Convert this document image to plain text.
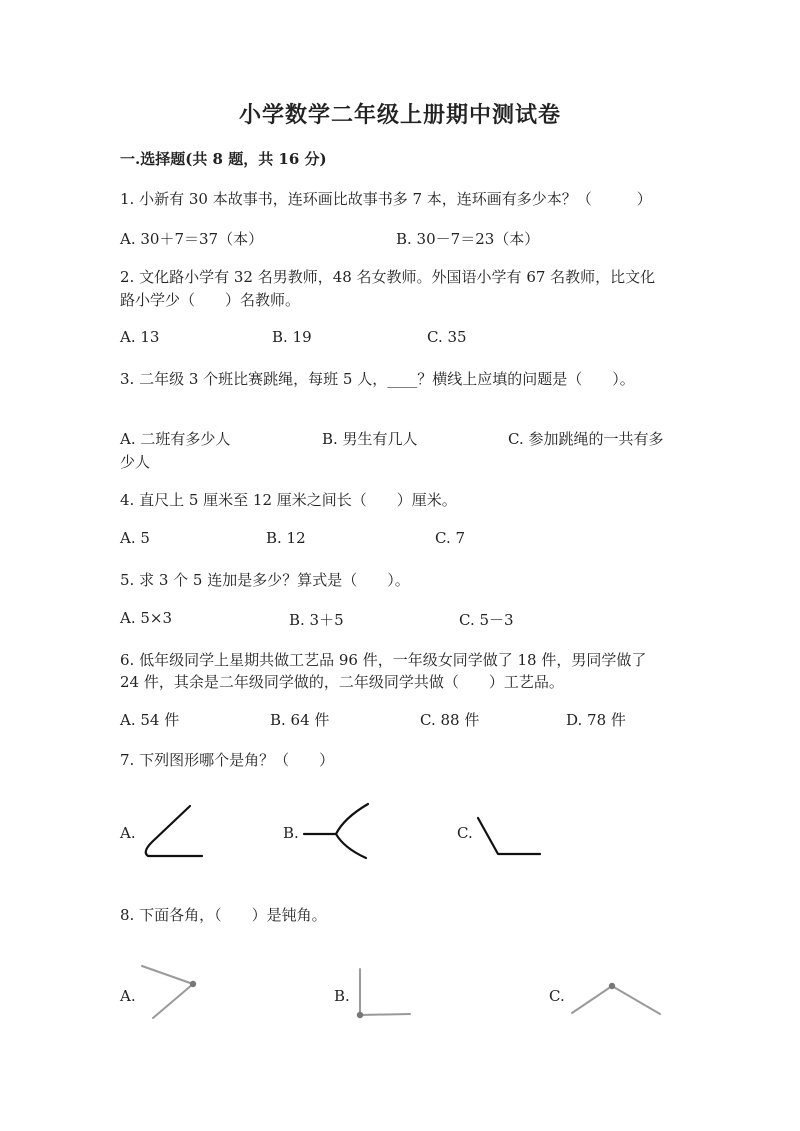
小学数学二年级上册期中测试卷
一.选择题(共 8 题，共 16 分)
1. 小新有 30 本故事书，连环画比故事书多 7 本，连环画有多少本？（　　　）
A. 30＋7＝37（本）	B. 30－7＝23（本）
2. 文化路小学有 32 名男教师，48 名女教师。外国语小学有 67 名教师，比文化
路小学少（　　）名教师。
A. 13	B. 19	C. 35
3. 二年级 3 个班比赛跳绳，每班 5 人，____？横线上应填的问题是（　　）。
A. 二班有多少人	B. 男生有几人	C. 参加跳绳的一共有多
少人
4. 直尺上 5 厘米至 12 厘米之间长（　　）厘米。
A. 5	B. 12	C. 7
5. 求 3 个 5 连加是多少？算式是（　　）。
A. 5×3	B. 3＋5	C. 5－3
6. 低年级同学上星期共做工艺品 96 件，一年级女同学做了 18 件，男同学做了
24 件，其余是二年级同学做的，二年级同学共做（　　）工艺品。
A. 54 件	B. 64 件	C. 88 件	D. 78 件
7. 下列图形哪个是角？（　　）
A.	B.	C.
8. 下面各角，（　　）是钝角。
A.	B.	C.
